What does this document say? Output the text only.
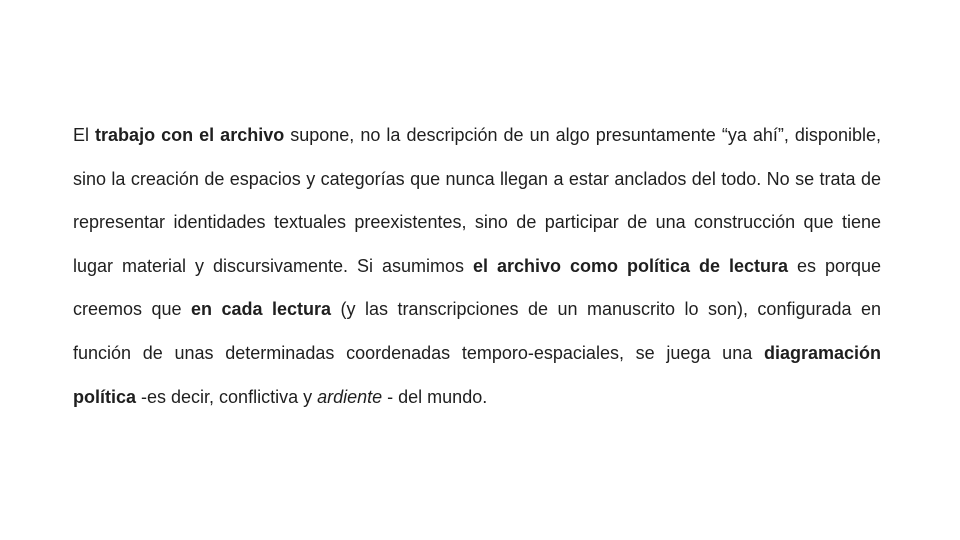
El trabajo con el archivo supone, no la descripción de un algo presuntamente “ya ahí”, disponible, sino la creación de espacios y categorías que nunca llegan a estar anclados del todo. No se trata de representar identidades textuales preexistentes, sino de participar de una construcción que tiene lugar material y discursivamente. Si asumimos el archivo como política de lectura es porque creemos que en cada lectura (y las transcripciones de un manuscrito lo son), configurada en función de unas determinadas coordenadas temporo-espaciales, se juega una diagramación política -es decir, conflictiva y ardiente - del mundo.
